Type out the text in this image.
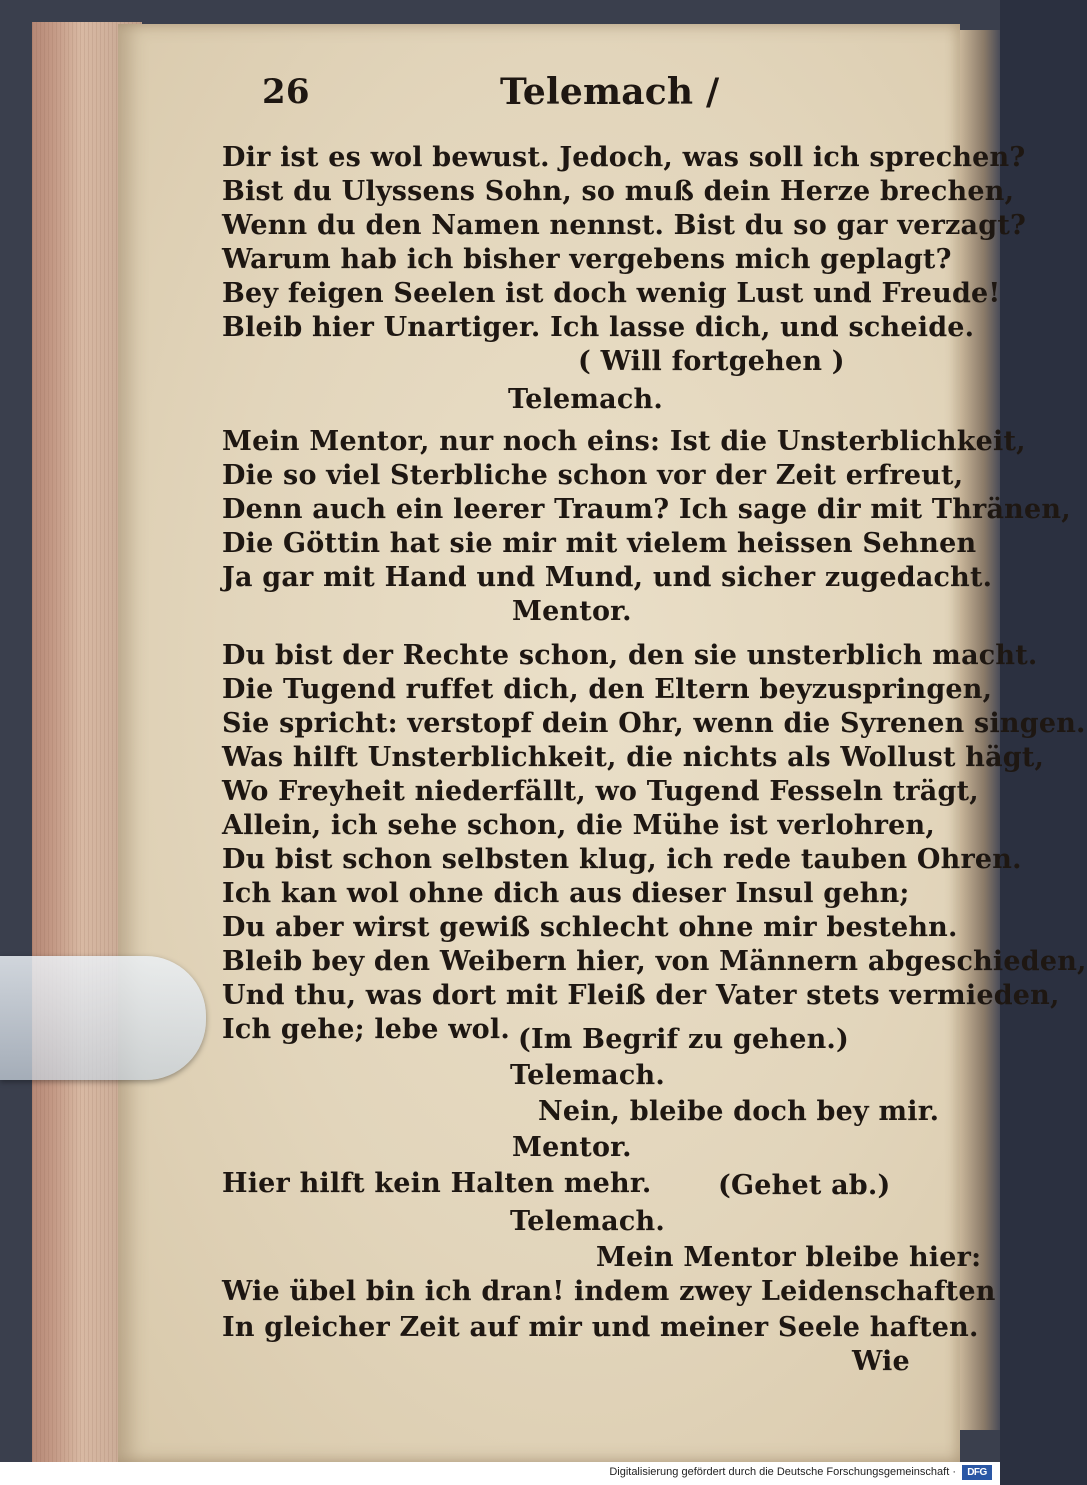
26	Telemach /
Dir ist es wol bewust. Jedoch, was soll ich sprechen?
Bist du Ulyssens Sohn, so muß dein Herze brechen,
Wenn du den Namen nennst. Bist du so gar verzagt?
Warum hab ich bisher vergebens mich geplagt?
Bey feigen Seelen ist doch wenig Lust und Freude!
Bleib hier Unartiger. Ich lasse dich, und scheide.
( Will fortgehen )
Telemach.
Mein Mentor, nur noch eins: Ist die Unsterblichkeit,
Die so viel Sterbliche schon vor der Zeit erfreut,
Denn auch ein leerer Traum? Ich sage dir mit Thränen,
Die Göttin hat sie mir mit vielem heissen Sehnen
Ja gar mit Hand und Mund, und sicher zugedacht.
Mentor.
Du bist der Rechte schon, den sie unsterblich macht.
Die Tugend ruffet dich, den Eltern beyzuspringen,
Sie spricht: verstopf dein Ohr, wenn die Syrenen singen.
Was hilft Unsterblichkeit, die nichts als Wollust hägt,
Wo Freyheit niederfällt, wo Tugend Fesseln trägt,
Allein, ich sehe schon, die Mühe ist verlohren,
Du bist schon selbsten klug, ich rede tauben Ohren.
Ich kan wol ohne dich aus dieser Insul gehn;
Du aber wirst gewiß schlecht ohne mir bestehn.
Bleib bey den Weibern hier, von Männern abgeschieden,
Und thu, was dort mit Fleiß der Vater stets vermieden,
Ich gehe; lebe wol. (Im Begrif zu gehen.)
Telemach.
Nein, bleibe doch bey mir.
Mentor.
Hier hilft kein Halten mehr. (Gehet ab.)
Telemach.
Mein Mentor bleibe hier:
Wie übel bin ich dran! indem zwey Leidenschaften
In gleicher Zeit auf mir und meiner Seele haften.
Wie
Digitalisierung gefördert durch die Deutsche Forschungsgemeinschaft ·	DFG
